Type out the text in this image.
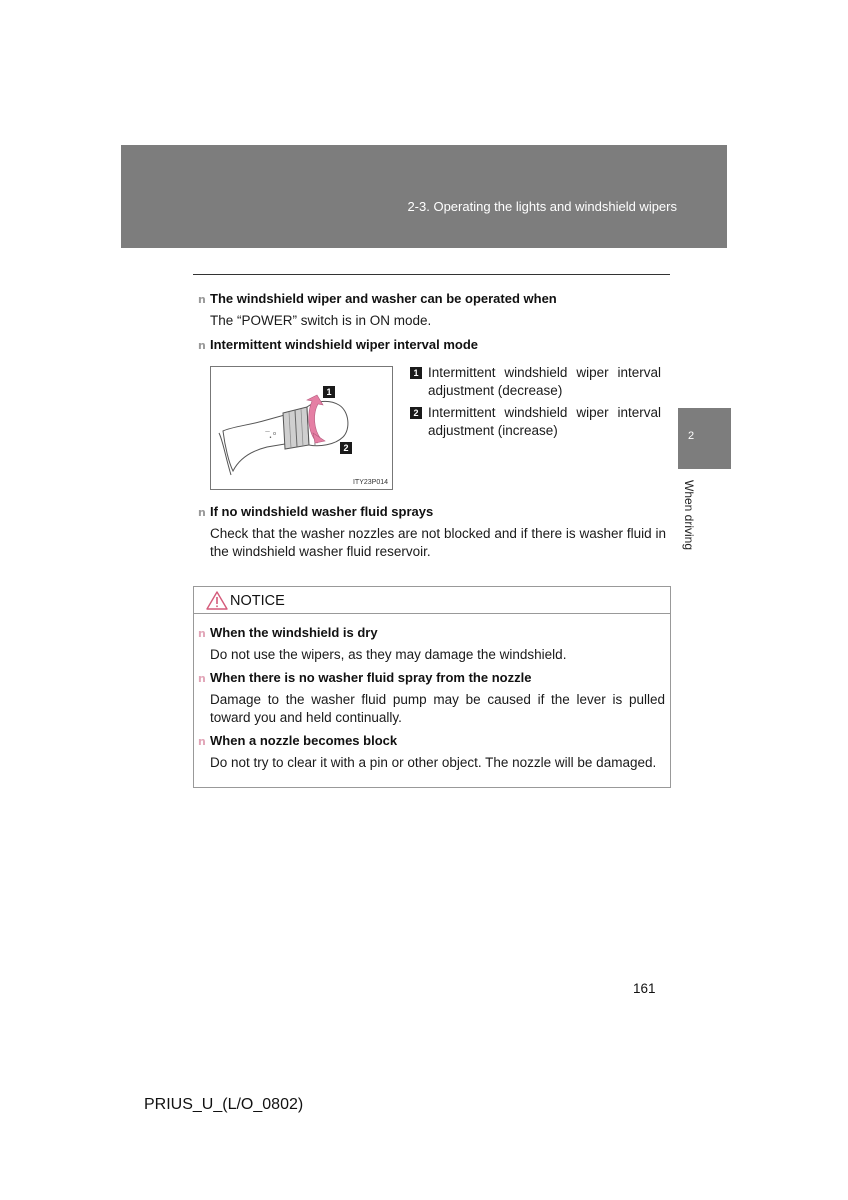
2-3. Operating the lights and windshield wipers
2
When driving
n The windshield wiper and washer can be operated when
The “POWER” switch is in ON mode.
n Intermittent windshield wiper interval mode
—
•
o
1
2
ITY23P014
1 Intermittent windshield wiper interval adjustment (decrease)
2 Intermittent windshield wiper interval adjustment (increase)
n If no windshield washer fluid sprays
Check that the washer nozzles are not blocked and if there is washer fluid in the windshield washer fluid reservoir.
NOTICE
n When the windshield is dry
Do not use the wipers, as they may damage the windshield.
n When there is no washer fluid spray from the nozzle
Damage to the washer fluid pump may be caused if the lever is pulled toward you and held continually.
n When a nozzle becomes block
Do not try to clear it with a pin or other object. The nozzle will be damaged.
161
PRIUS_U_(L/O_0802)
